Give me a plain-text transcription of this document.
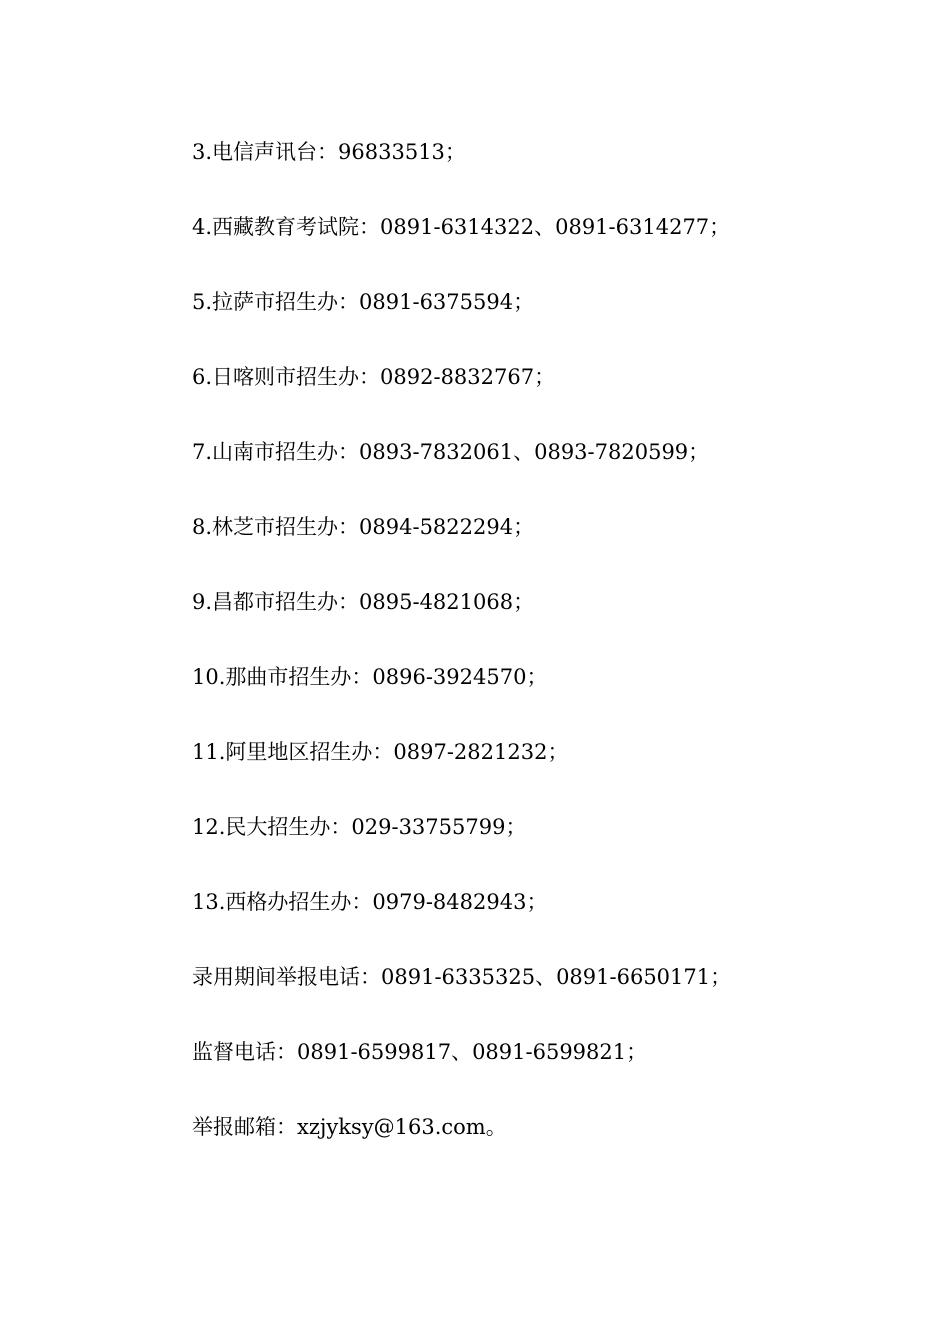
3.电信声讯台：96833513；
4.西藏教育考试院：0891-6314322、0891-6314277；
5.拉萨市招生办：0891-6375594；
6.日喀则市招生办：0892-8832767；
7.山南市招生办：0893-7832061、0893-7820599；
8.林芝市招生办：0894-5822294；
9.昌都市招生办：0895-4821068；
10.那曲市招生办：0896-3924570；
11.阿里地区招生办：0897-2821232；
12.民大招生办：029-33755799；
13.西格办招生办：0979-8482943；
录用期间举报电话：0891-6335325、0891-6650171；
监督电话：0891-6599817、0891-6599821；
举报邮箱：xzjyksy@163.com。
